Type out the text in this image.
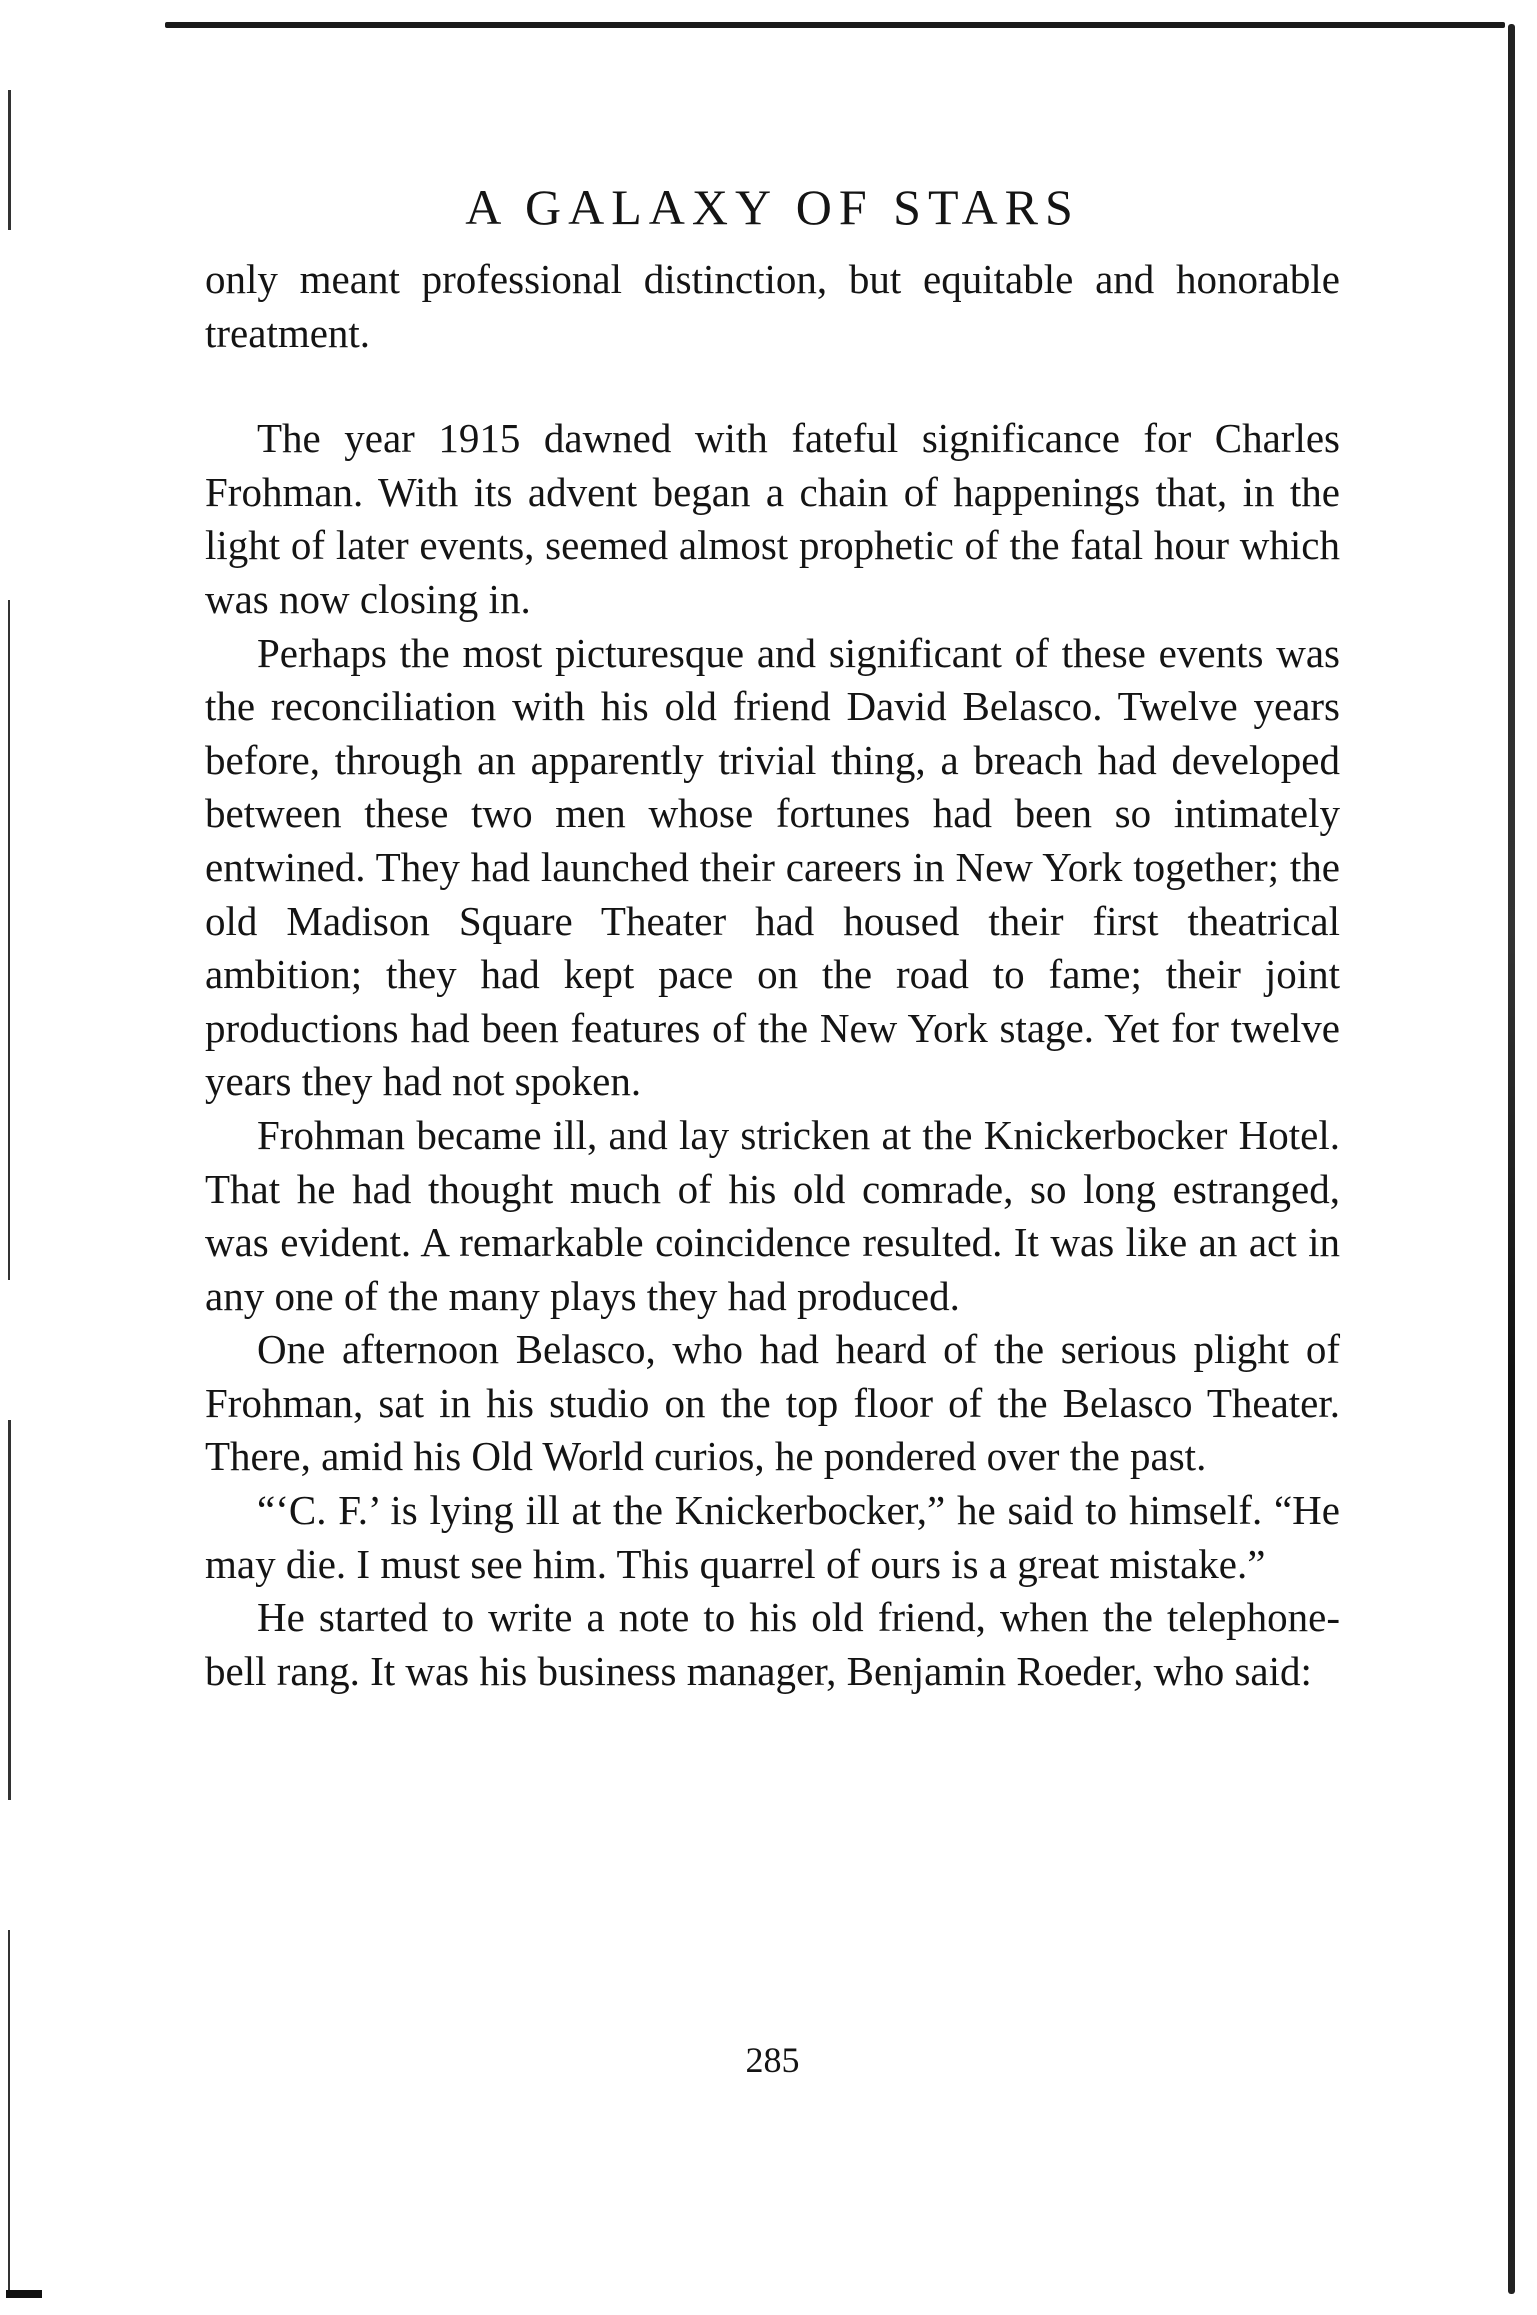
A GALAXY OF STARS

only meant professional distinction, but equitable and honorable treatment.

The year 1915 dawned with fateful significance for Charles Frohman. With its advent began a chain of happenings that, in the light of later events, seemed almost prophetic of the fatal hour which was now closing in.

Perhaps the most picturesque and significant of these events was the reconciliation with his old friend David Belasco. Twelve years before, through an apparently trivial thing, a breach had developed between these two men whose fortunes had been so intimately entwined. They had launched their careers in New York together; the old Madison Square Theater had housed their first theatrical ambition; they had kept pace on the road to fame; their joint productions had been features of the New York stage. Yet for twelve years they had not spoken.

Frohman became ill, and lay stricken at the Knickerbocker Hotel. That he had thought much of his old comrade, so long estranged, was evident. A remarkable coincidence resulted. It was like an act in any one of the many plays they had produced.

One afternoon Belasco, who had heard of the serious plight of Frohman, sat in his studio on the top floor of the Belasco Theater. There, amid his Old World curios, he pondered over the past.

“‘C. F.’ is lying ill at the Knickerbocker,” he said to himself. “He may die. I must see him. This quarrel of ours is a great mistake.”

He started to write a note to his old friend, when the telephone-bell rang. It was his business manager, Benjamin Roeder, who said:

285
